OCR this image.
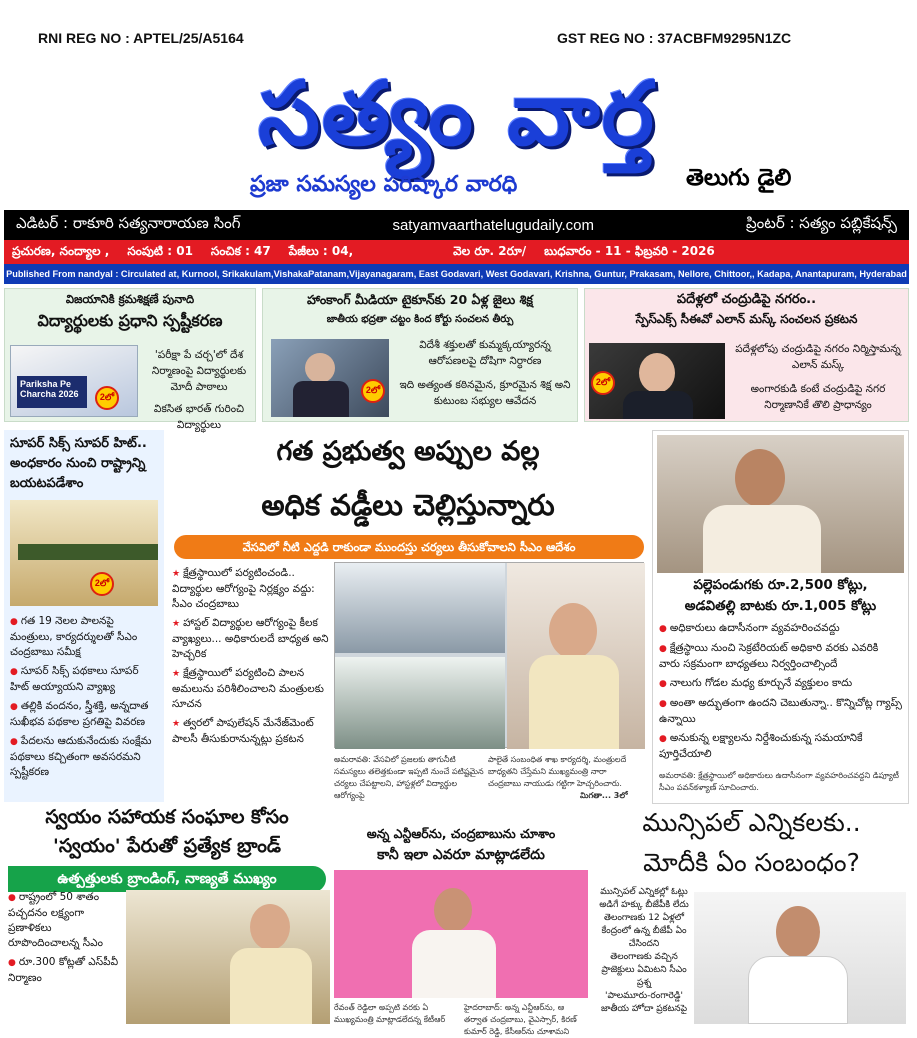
RNI REG NO : APTEL/25/A5164	GST REG NO : 37ACBFM9295N1ZC
సత్యం వార్త
ప్రజా సమస్యల పరిష్కార వారధి	తెలుగు డైలి
ఎడిటర్ : రాకూరి సత్యనారాయణ సింగ్	satyamvaarthatelugudaily.com	ప్రింటర్ : సత్యం పబ్లికేషన్స్
ప్రచురణ, నంద్యాల , సంపుటి : 01 సంచిక : 47 పేజీలు : 04,	వెల రూ. 2రూ/ బుధవారం - 11 - ఫిబ్రవరి - 2026
Published From nandyal : Circulated at, Kurnool, Srikakulam,VishakaPatanam,Vijayanagaram, East Godavari, West Godavari, Krishna, Guntur, Prakasam, Nellore, Chittoor,, Kadapa, Anantapuram, Hyderabad
విజయానికి క్రమశిక్షణే పునాది
విద్యార్థులకు ప్రధాని స్పష్టీకరణ
Pariksha Pe Charcha 2026	2లో
'పరీక్షా పే చర్చ'లో దేశ నిర్మాణంపై విద్యార్థులకు మోదీ పాఠాలు
వికసిత భారత్ గురించి విద్యార్థులు
హాంకాంగ్ మీడియా టైకూన్‌కు 20 ఏళ్ల జైలు శిక్ష
జాతీయ భద్రతా చట్టం కింద కోర్టు సంచలన తీర్పు
2లో
విదేశీ శక్తులతో కుమ్మక్కయ్యారన్న ఆరోపణలపై దోషిగా నిర్ధారణ
ఇది అత్యంత కఠినమైన, క్రూరమైన శిక్ష అని కుటుంబ సభ్యుల ఆవేదన
పదేళ్లలో చంద్రుడిపై నగరం..
స్పేస్‌ఎక్స్ సీఈవో ఎలాన్ మస్క్ సంచలన ప్రకటన
2లో
పదేళ్లలోపు చంద్రుడిపై నగరం నిర్మిస్తామన్న ఎలాన్ మస్క్
అంగారకుడి కంటే చంద్రుడిపై నగర నిర్మాణానికే తొలి ప్రాధాన్యం
సూపర్ సిక్స్ సూపర్ హిట్.. అంధకారం నుంచి రాష్ట్రాన్ని బయటపడేశాం
2లో
● గత 19 నెలల పాలనపై మంత్రులు, కార్యదర్శులతో సీఎం చంద్రబాబు సమీక్ష
● సూపర్ సిక్స్ పథకాలు సూపర్ హిట్ అయ్యాయని వ్యాఖ్య
● తల్లికి వందనం, స్త్రీశక్తి, అన్నదాత సుఖీభవ పథకాల ప్రగతిపై వివరణ
● పేదలను ఆదుకునేందుకు సంక్షేమ పథకాలు కచ్చితంగా అవసరమని స్పష్టీకరణ
గత ప్రభుత్వ అప్పుల వల్ల
అధిక వడ్డీలు చెల్లిస్తున్నారు
వేసవిలో నీటి ఎద్దడి రాకుండా ముందస్తు చర్యలు తీసుకోవాలని సీఎం ఆదేశం
★ క్షేత్రస్థాయిలో పర్యటించండి.. విద్యార్థుల ఆరోగ్యంపై నిర్లక్ష్యం వద్దు: సీఎం చంద్రబాబు
★ హాస్టల్ విద్యార్థుల ఆరోగ్యంపై కీలక వ్యాఖ్యలు... అధికారులదే బాధ్యత అని హెచ్చరిక
★ క్షేత్రస్థాయిలో పర్యటించి పాలన అమలును పరిశీలించాలని మంత్రులకు సూచన
★ త్వరలో పాపులేషన్ మేనేజ్‌మెంట్ పాలసీ తీసుకురానున్నట్లు ప్రకటన
అమరావతి: వేసవిలో ప్రజలకు తాగునీటి సమస్యలు తలెత్తకుండా ఇప్పటి నుంచే పటిష్టమైన చర్యలు చేపట్టాలని, హాస్టళ్లలో విద్యార్థుల ఆరోగ్యంపై
పాలైతే సంబంధిత శాఖ కార్యదర్శి, మంత్రులదే బాధ్యతని చేస్తేమని ముఖ్యమంత్రి నారా చంద్రబాబు నాయుడు గట్టిగా హెచ్చరించారు.
మిగతా... 3లో
పల్లెపండుగకు రూ.2,500 కోట్లు,
అడవితల్లి బాటకు రూ.1,005 కోట్లు
● అధికారులు ఉదాసీనంగా వ్యవహరించవద్దు
● క్షేత్రస్థాయి నుంచి సెక్రటేరియట్ అధికారి వరకు ఎవరికి వారు సక్రమంగా బాధ్యతలు నిర్వర్తించాల్సిందే
● నాలుగు గోడల మధ్య కూర్చునే వ్యక్తులం కాదు
● అంతా అద్భుతంగా ఉందని చెబుతున్నా.. కొన్నిచోట్ల గ్యాప్స్ ఉన్నాయి
● అనుకున్న లక్ష్యాలను నిర్దేశించుకున్న సమయానికే పూర్తిచేయాలి
అమరావతి: క్షేత్రస్థాయిలో అధికారులు ఉదాసీనంగా వ్యవహరించవద్దని డిప్యూటీ సీఎం పవన్‌కళ్యాణ్ సూచించారు.
స్వయం సహాయక సంఘాల కోసం
'స్వయం' పేరుతో ప్రత్యేక బ్రాండ్
ఉత్పత్తులకు బ్రాండింగ్, నాణ్యతే ముఖ్యం
● రాష్ట్రంలో 50 శాతం పచ్చదనం లక్ష్యంగా ప్రణాళికలు రూపొందించాలన్న సీఎం
● రూ.300 కోట్లతో ఎస్‌పీవీ నిర్మాణం
అన్న ఎన్టీఆర్‌ను, చంద్రబాబును చూశాం
కానీ ఇలా ఎవరూ మాట్లాడలేదు
రేవంత్ రెడ్డిలా అప్పటి వరకు ఏ ముఖ్యమంత్రి మాట్లాడలేదన్న కేటీఆర్
హైదరాబాద్: అన్న ఎన్టీఆర్‌ను, ఆ తర్వాత చంద్రబాబు, వైఎస్సార్, కిరణ్ కుమార్ రెడ్డి, కేసీఆర్‌ను చూశామని
మున్సిపల్ ఎన్నికలకు..
మోదీకి ఏం సంబంధం?
మున్సిపల్ ఎన్నికల్లో ఓట్లు అడిగే హక్కు బీజేపీకి లేదు
తెలంగాణకు 12 ఏళ్లలో కేంద్రంలో ఉన్న బీజేపీ ఏం చేసిందని
తెలంగాణకు వచ్చిన ప్రాజెక్టులు ఏమిటని సీఎం ప్రశ్న
'పాలమూరు-రంగారెడ్డి' జాతీయ హోదా ప్రకటనపై
